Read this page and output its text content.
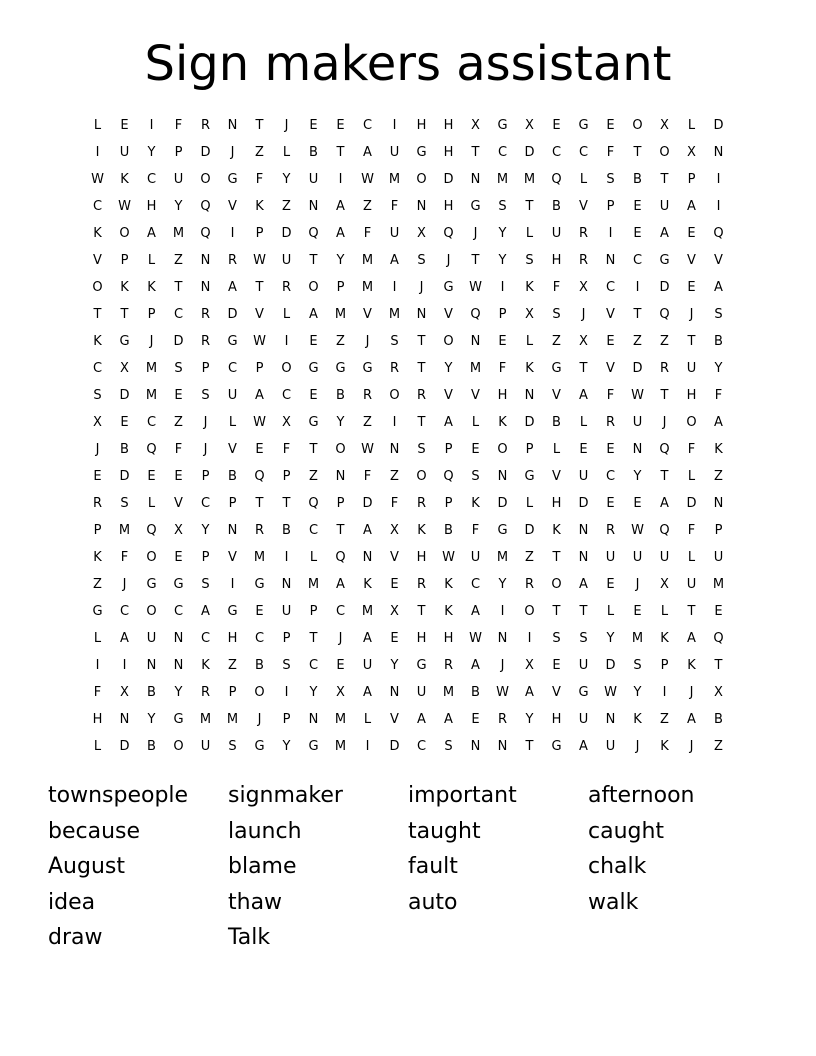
Sign makers assistant
L	E	I	F	R	N	T	J	E	E	C	I	H	H	X	G	X	E	G	E	O	X	L	D
I	U	Y	P	D	J	Z	L	B	T	A	U	G	H	T	C	D	C	C	F	T	O	X	N
W	K	C	U	O	G	F	Y	U	I	W	M	O	D	N	M	M	Q	L	S	B	T	P	I
C	W	H	Y	Q	V	K	Z	N	A	Z	F	N	H	G	S	T	B	V	P	E	U	A	I
K	O	A	M	Q	I	P	D	Q	A	F	U	X	Q	J	Y	L	U	R	I	E	A	E	Q
V	P	L	Z	N	R	W	U	T	Y	M	A	S	J	T	Y	S	H	R	N	C	G	V	V
O	K	K	T	N	A	T	R	O	P	M	I	J	G	W	I	K	F	X	C	I	D	E	A
T	T	P	C	R	D	V	L	A	M	V	M	N	V	Q	P	X	S	J	V	T	Q	J	S
K	G	J	D	R	G	W	I	E	Z	J	S	T	O	N	E	L	Z	X	E	Z	Z	T	B
C	X	M	S	P	C	P	O	G	G	G	R	T	Y	M	F	K	G	T	V	D	R	U	Y
S	D	M	E	S	U	A	C	E	B	R	O	R	V	V	H	N	V	A	F	W	T	H	F
X	E	C	Z	J	L	W	X	G	Y	Z	I	T	A	L	K	D	B	L	R	U	J	O	A
J	B	Q	F	J	V	E	F	T	O	W	N	S	P	E	O	P	L	E	E	N	Q	F	K
E	D	E	E	P	B	Q	P	Z	N	F	Z	O	Q	S	N	G	V	U	C	Y	T	L	Z
R	S	L	V	C	P	T	T	Q	P	D	F	R	P	K	D	L	H	D	E	E	A	D	N
P	M	Q	X	Y	N	R	B	C	T	A	X	K	B	F	G	D	K	N	R	W	Q	F	P
K	F	O	E	P	V	M	I	L	Q	N	V	H	W	U	M	Z	T	N	U	U	U	L	U
Z	J	G	G	S	I	G	N	M	A	K	E	R	K	C	Y	R	O	A	E	J	X	U	M
G	C	O	C	A	G	E	U	P	C	M	X	T	K	A	I	O	T	T	L	E	L	T	E
L	A	U	N	C	H	C	P	T	J	A	E	H	H	W	N	I	S	S	Y	M	K	A	Q
I	I	N	N	K	Z	B	S	C	E	U	Y	G	R	A	J	X	E	U	D	S	P	K	T
F	X	B	Y	R	P	O	I	Y	X	A	N	U	M	B	W	A	V	G	W	Y	I	J	X
H	N	Y	G	M	M	J	P	N	M	L	V	A	A	E	R	Y	H	U	N	K	Z	A	B
L	D	B	O	U	S	G	Y	G	M	I	D	C	S	N	N	T	G	A	U	J	K	J	Z
townspeople	signmaker	important	afternoon
because	launch	taught	caught
August	blame	fault	chalk
idea	thaw	auto	walk
draw	Talk
